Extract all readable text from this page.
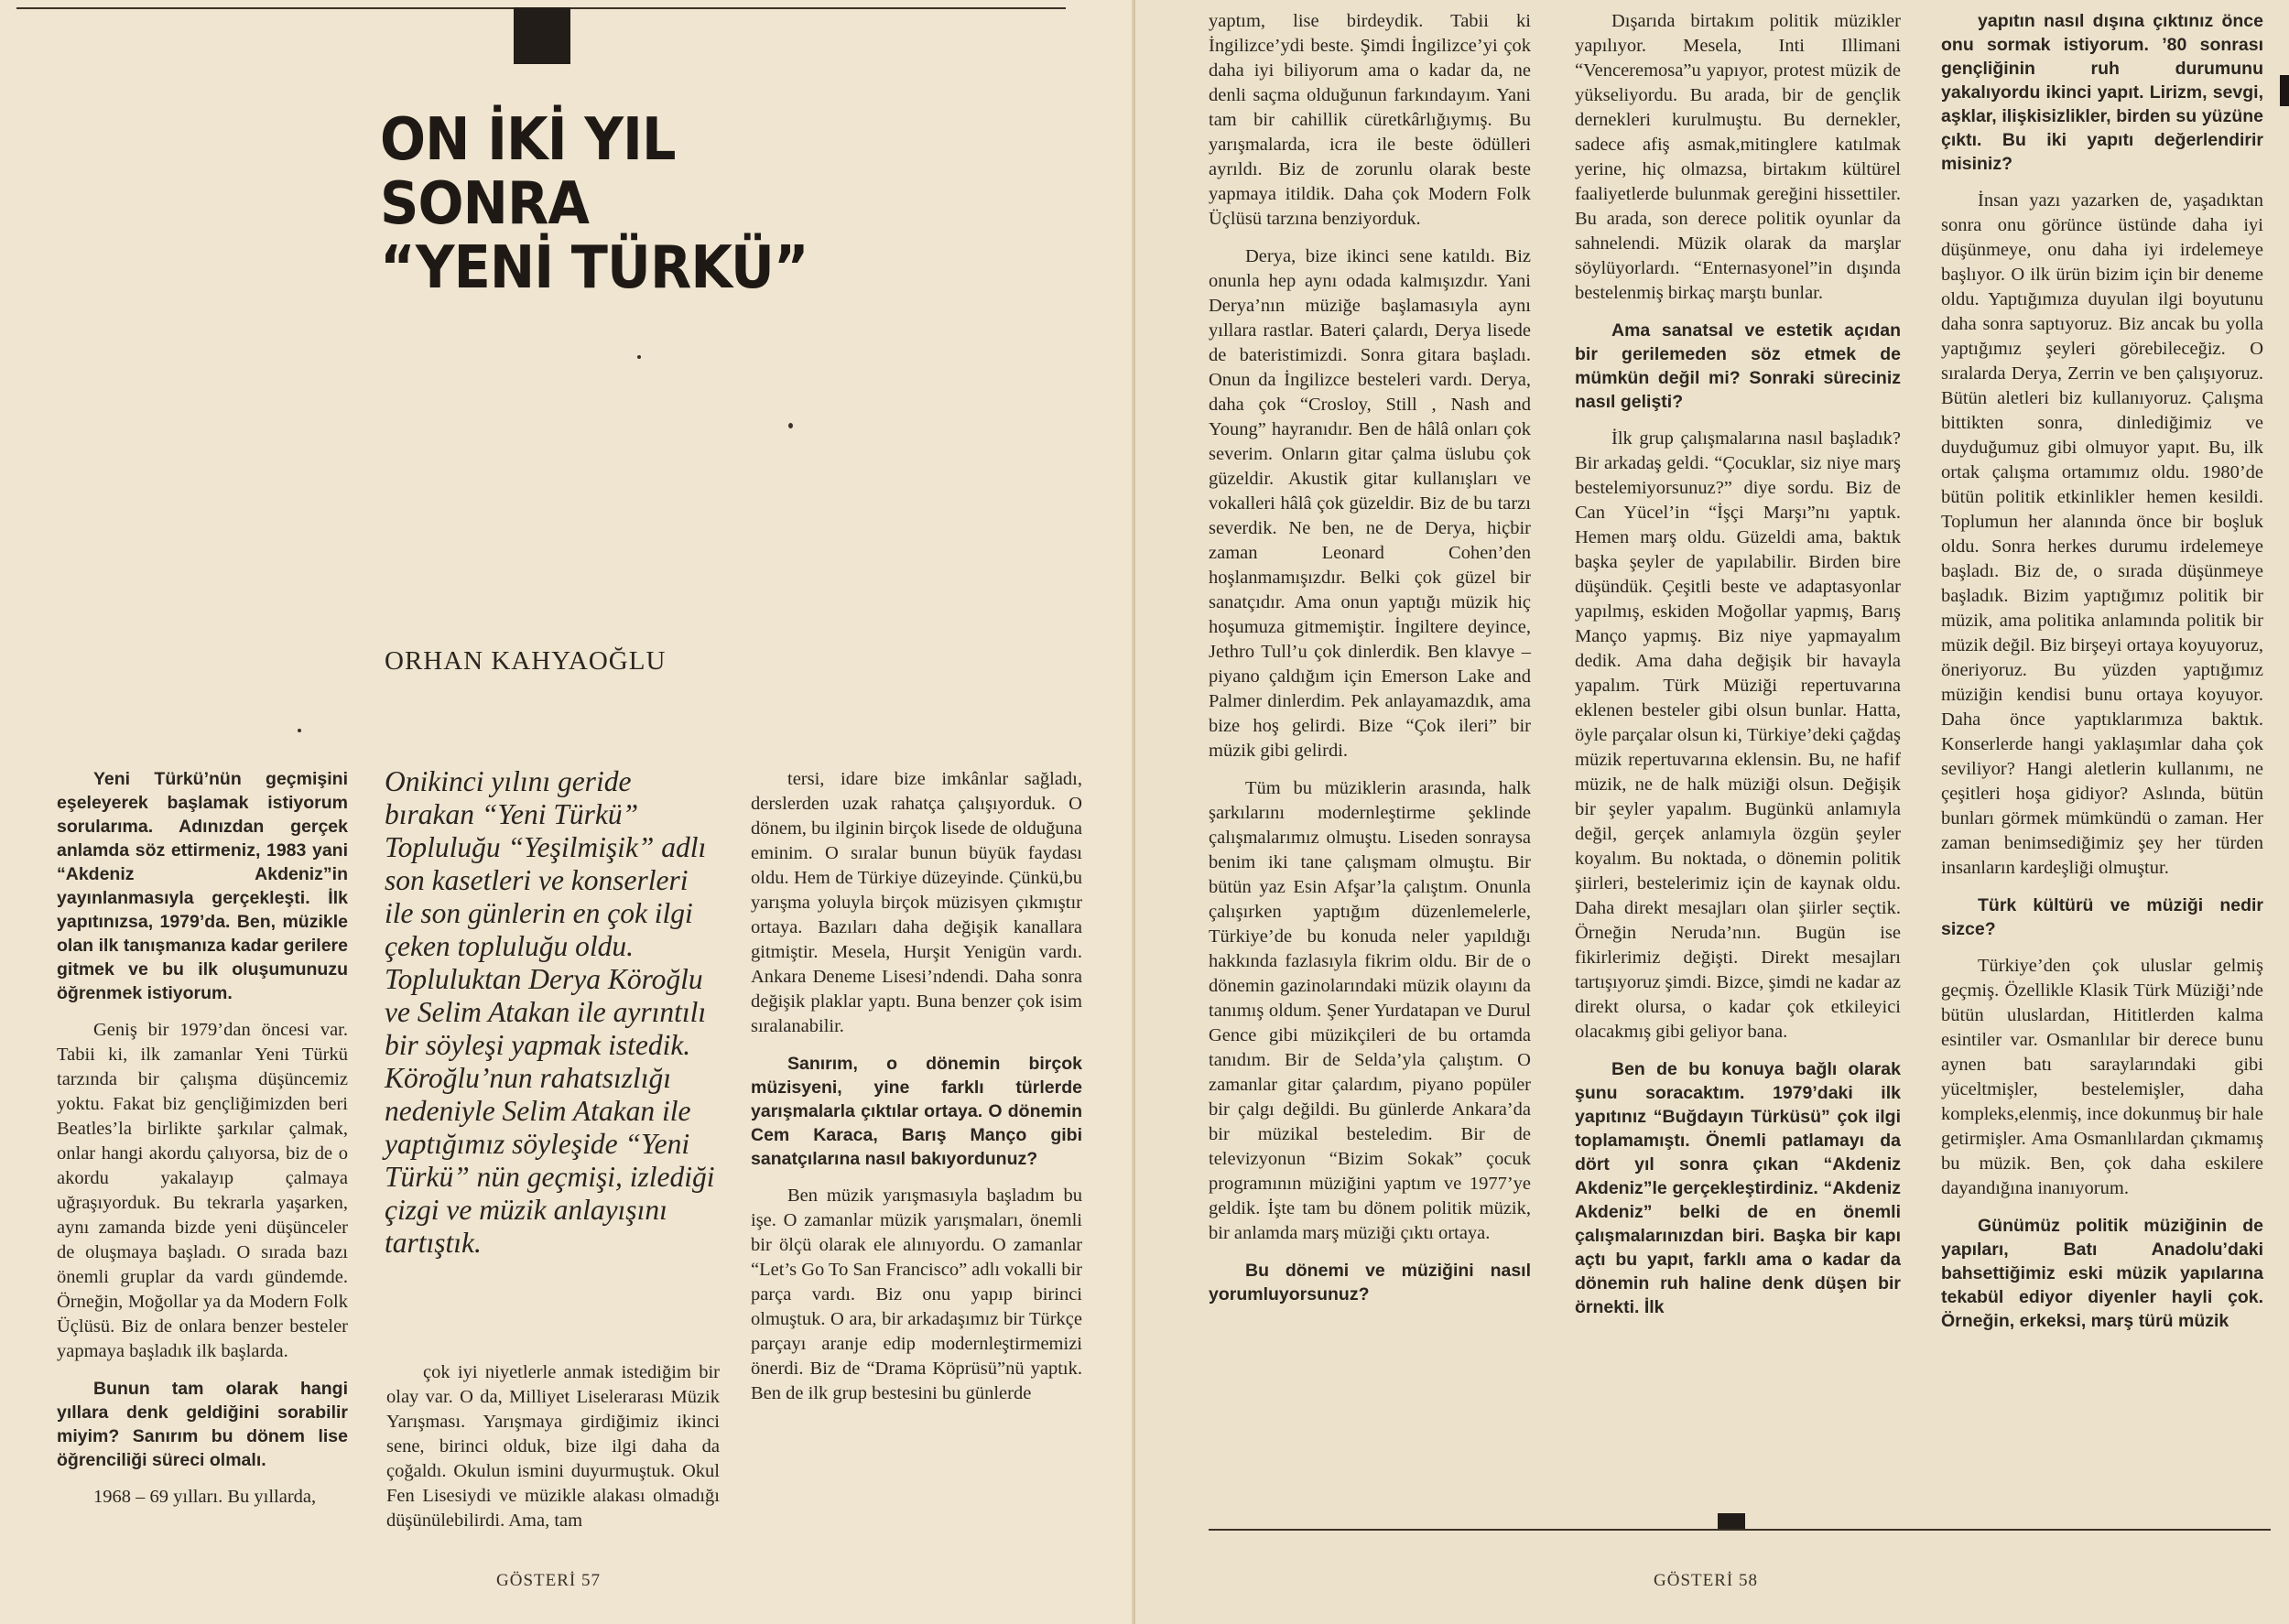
ON İKİ YIL
SONRA
“YENİ TÜRKÜ”
ORHAN KAHYAOĞLU

Onikinci yılını geride bırakan “Yeni Türkü” Topluluğu “Yeşilmişik” adlı son kasetleri ve konserleri ile son günlerin en çok ilgi çeken topluluğu oldu. Topluluktan Derya Köroğlu ve Selim Atakan ile ayrıntılı bir söyleşi yapmak istedik. Köroğlu’nun rahatsızlığı nedeniyle Selim Atakan ile yaptığımız söyleşide “Yeni Türkü” nün geçmişi, izlediği çizgi ve müzik anlayışını tartıştık.

Yeni Türkü’nün geçmişini eşeleyerek başlamak istiyorum sorularıma. Adınızdan gerçek anlamda söz ettirmeniz, 1983 yani “Akdeniz Akdeniz”in yayınlanmasıyla gerçekleşti. İlk yapıtınızsa, 1979’da. Ben, müzikle olan ilk tanışmanıza kadar gerilere gitmek ve bu ilk oluşumunuzu öğrenmek istiyorum.

Geniş bir 1979’dan öncesi var. Tabii ki, ilk zamanlar Yeni Türkü tarzında bir çalışma düşüncemiz yoktu. Fakat biz gençliğimizden beri Beatles’la birlikte şarkılar çalmak, onlar hangi akordu çalıyorsa, biz de o akordu yakalayıp çalmaya uğraşıyorduk. Bu tekrarla yaşarken, aynı zamanda bizde yeni düşünceler de oluşmaya başladı. O sırada bazı önemli gruplar da vardı gündemde. Örneğin, Moğollar ya da Modern Folk Üçlüsü. Biz de onlara benzer besteler yapmaya başladık ilk başlarda.

Bunun tam olarak hangi yıllara denk geldiğini sorabilir miyim? Sanırım bu dönem lise öğrenciliği süreci olmalı.

1968 – 69 yılları. Bu yıllarda,

çok iyi niyetlerle anmak istediğim bir olay var. O da, Milliyet Liselerarası Müzik Yarışması. Yarışmaya girdiğimiz ikinci sene, birinci olduk, bize ilgi daha da çoğaldı. Okulun ismini duyurmuştuk. Okul Fen Lisesiydi ve müzikle alakası olmadığı düşünülebilirdi. Ama, tam

tersi, idare bize imkânlar sağladı, derslerden uzak rahatça çalışıyorduk. O dönem, bu ilginin birçok lisede de olduğuna eminim. O sıralar bunun büyük faydası oldu. Hem de Türkiye düzeyinde. Çünkü,bu yarışma yoluyla birçok müzisyen çıkmıştır ortaya. Bazıları daha değişik kanallara gitmiştir. Mesela, Hurşit Yenigün vardı. Ankara Deneme Lisesi’ndendi. Daha sonra değişik plaklar yaptı. Buna benzer çok isim sıralanabilir.

Sanırım, o dönemin birçok müzisyeni, yine farklı türlerde yarışmalarla çıktılar ortaya. O dönemin Cem Karaca, Barış Manço gibi sanatçılarına nasıl bakıyordunuz?

Ben müzik yarışmasıyla başladım bu işe. O zamanlar müzik yarışmaları, önemli bir ölçü olarak ele alınıyordu. O zamanlar “Let’s Go To San Francisco” adlı vokalli bir parça vardı. Biz onu yapıp birinci olmuştuk. O ara, bir arkadaşımız bir Türkçe parçayı aranje edip modernleştirmemizi önerdi. Biz de “Drama Köprüsü”nü yaptık. Ben de ilk grup bestesini bu günlerde

GÖSTERİ 57

yaptım, lise birdeydik. Tabii ki İngilizce’ydi beste. Şimdi İngilizce’yi çok daha iyi biliyorum ama o kadar da, ne denli saçma olduğunun farkındayım. Yani tam bir cahillik cüretkârlığıymış. Bu yarışmalarda, icra ile beste ödülleri ayrıldı. Biz de zorunlu olarak beste yapmaya itildik. Daha çok Modern Folk Üçlüsü tarzına benziyorduk.

Derya, bize ikinci sene katıldı. Biz onunla hep aynı odada kalmışızdır. Yani Derya’nın müziğe başlamasıyla aynı yıllara rastlar. Bateri çalardı, Derya lisede de bateristimizdi. Sonra gitara başladı. Onun da İngilizce besteleri vardı. Derya, daha çok “Crosloy, Still , Nash and Young” hayranıdır. Ben de hâlâ onları çok severim. Onların gitar çalma üslubu çok güzeldir. Akustik gitar kullanışları ve vokalleri hâlâ çok güzeldir. Biz de bu tarzı severdik. Ne ben, ne de Derya, hiçbir zaman Leonard Cohen’den hoşlanmamışızdır. Belki çok güzel bir sanatçıdır. Ama onun yaptığı müzik hiç hoşumuza gitmemiştir. İngiltere deyince, Jethro Tull’u çok dinlerdik. Ben klavye – piyano çaldığım için Emerson Lake and Palmer dinlerdim. Pek anlayamazdık, ama bize hoş gelirdi. Bize “Çok ileri” bir müzik gibi gelirdi.

Tüm bu müziklerin arasında, halk şarkılarını modernleştirme şeklinde çalışmalarımız olmuştu. Liseden sonraysa benim iki tane çalışmam olmuştu. Bir bütün yaz Esin Afşar’la çalıştım. Onunla çalışırken yaptığım düzenlemelerle, Türkiye’de bu konuda neler yapıldığı hakkında fazlasıyla fikrim oldu. Bir de o dönemin gazinolarındaki müzik olayını da tanımış oldum. Şener Yurdatapan ve Durul Gence gibi müzikçileri de bu ortamda tanıdım. Bir de Selda’yla çalıştım. O zamanlar gitar çalardım, piyano popüler bir çalgı değildi. Bu günlerde Ankara’da bir müzikal besteledim. Bir de televizyonun “Bizim Sokak” çocuk programının müziğini yaptım ve 1977’ye geldik. İşte tam bu dönem politik müzik, bir anlamda marş müziği çıktı ortaya.

Bu dönemi ve müziğini nasıl yorumluyorsunuz?

Dışarıda birtakım politik müzikler yapılıyor. Mesela, Inti Illimani “Venceremosa”u yapıyor, protest müzik de yükseliyordu. Bu arada, bir de gençlik dernekleri kurulmuştu. Bu dernekler, sadece afiş asmak,mitinglere katılmak yerine, hiç olmazsa, birtakım kültürel faaliyetlerde bulunmak gereğini hissettiler. Bu arada, son derece politik oyunlar da sahnelendi. Müzik olarak da marşlar söylüyorlardı. “Enternasyonel”in dışında bestelenmiş birkaç marştı bunlar.

Ama sanatsal ve estetik açıdan bir gerilemeden söz etmek de mümkün değil mi? Sonraki süreciniz nasıl gelişti?

İlk grup çalışmalarına nasıl başladık? Bir arkadaş geldi. “Çocuklar, siz niye marş bestelemiyorsunuz?” diye sordu. Biz de Can Yücel’in “İşçi Marşı”nı yaptık. Hemen marş oldu. Güzeldi ama, baktık başka şeyler de yapılabilir. Birden bire düşündük. Çeşitli beste ve adaptasyonlar yapılmış, eskiden Moğollar yapmış, Barış Manço yapmış. Biz niye yapmayalım dedik. Ama daha değişik bir havayla yapalım. Türk Müziği repertuvarına eklenen besteler gibi olsun bunlar. Hatta, öyle parçalar olsun ki, Türkiye’deki çağdaş müzik repertuvarına eklensin. Bu, ne hafif müzik, ne de halk müziği olsun. Değişik bir şeyler yapalım. Bugünkü anlamıyla değil, gerçek anlamıyla özgün şeyler koyalım. Bu noktada, o dönemin politik şiirleri, bestelerimiz için de kaynak oldu. Daha direkt mesajları olan şiirler seçtik. Örneğin Neruda’nın. Bugün ise fikirlerimiz değişti. Direkt mesajları tartışıyoruz şimdi. Bizce, şimdi ne kadar az direkt olursa, o kadar çok etkileyici olacakmış gibi geliyor bana.

Ben de bu konuya bağlı olarak şunu soracaktım. 1979’daki ilk yapıtınız “Buğdayın Türküsü” çok ilgi toplamamıştı. Önemli patlamayı da dört yıl sonra çıkan “Akdeniz Akdeniz”le gerçekleştirdiniz. “Akdeniz Akdeniz” belki de en önemli çalışmalarınızdan biri. Başka bir kapı açtı bu yapıt, farklı ama o kadar da dönemin ruh haline denk düşen bir örnekti. İlk

yapıtın nasıl dışına çıktınız önce onu sormak istiyorum. ’80 sonrası gençliğinin ruh durumunu yakalıyordu ikinci yapıt. Lirizm, sevgi, aşklar, ilişkisizlikler, birden su yüzüne çıktı. Bu iki yapıtı değerlendirir misiniz?

İnsan yazı yazarken de, yaşadıktan sonra onu görünce üstünde daha iyi düşünmeye, onu daha iyi irdelemeye başlıyor. O ilk ürün bizim için bir deneme oldu. Yaptığımıza duyulan ilgi boyutunu daha sonra saptıyoruz. Biz ancak bu yolla yaptığımız şeyleri görebileceğiz. O sıralarda Derya, Zerrin ve ben çalışıyoruz. Bütün aletleri biz kullanıyoruz. Çalışma bittikten sonra, dinlediğimiz ve duyduğumuz gibi olmuyor yapıt. Bu, ilk ortak çalışma ortamımız oldu. 1980’de bütün politik etkinlikler hemen kesildi. Toplumun her alanında önce bir boşluk oldu. Sonra herkes durumu irdelemeye başladı. Biz de, o sırada düşünmeye başladık. Bizim yaptığımız politik bir müzik, ama politika anlamında politik bir müzik değil. Biz birşeyi ortaya koyuyoruz, öneriyoruz. Bu yüzden yaptığımız müziğin kendisi bunu ortaya koyuyor. Daha önce yaptıklarımıza baktık. Konserlerde hangi yaklaşımlar daha çok seviliyor? Hangi aletlerin kullanımı, ne çeşitleri hoşa gidiyor? Aslında, bütün bunları görmek mümkündü o zaman. Her zaman benimsediğimiz şey her türden insanların kardeşliği olmuştur.

Türk kültürü ve müziği nedir sizce?

Türkiye’den çok uluslar gelmiş geçmiş. Özellikle Klasik Türk Müziği’nde bütün uluslardan, Hititlerden kalma esintiler var. Osmanlılar bir derece bunu aynen batı saraylarındaki gibi yüceltmişler, bestelemişler, daha kompleks,elenmiş, ince dokunmuş bir hale getirmişler. Ama Osmanlılardan çıkmamış bu müzik. Ben, çok daha eskilere dayandığına inanıyorum.

Günümüz politik müziğinin de yapıları, Batı Anadolu’daki bahsettiğimiz eski müzik yapılarına tekabül ediyor diyenler hayli çok. Örneğin, erkeksi, marş türü müzik

GÖSTERİ 58
